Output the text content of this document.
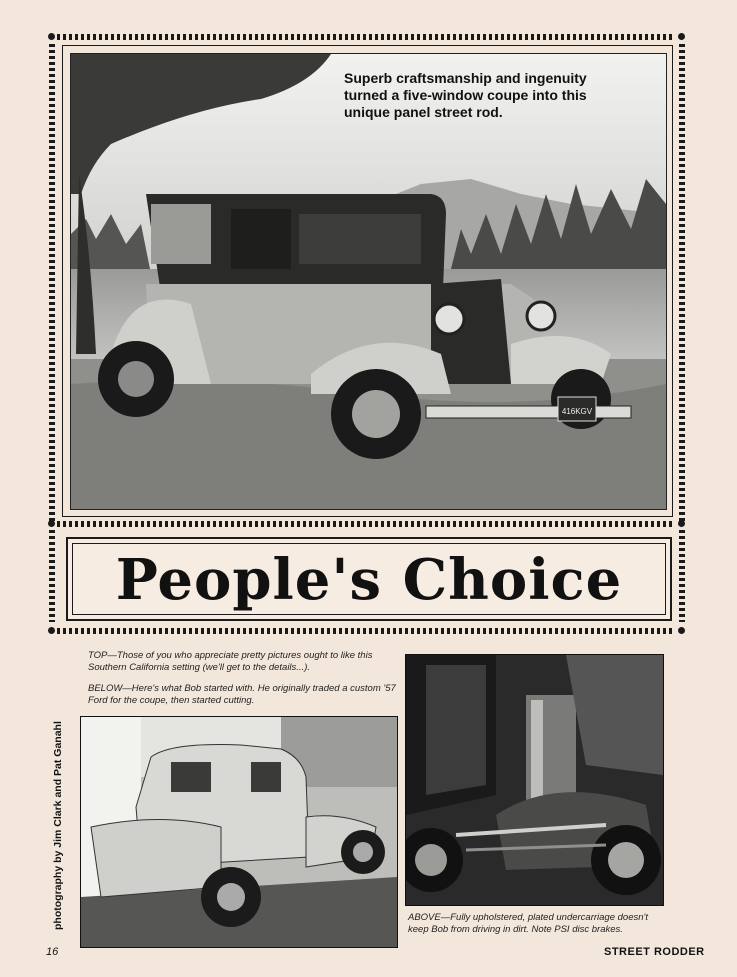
416KGV
Superb craftsmanship and ingenuity turned a five-window coupe into this unique panel street rod.
People's Choice
TOP—Those of you who appreciate pretty pictures ought to like this Southern California setting (we'll get to the details...).
BELOW—Here's what Bob started with. He originally traded a custom '57 Ford for the coupe, then started cutting.
photography by Jim Clark and Pat Ganahl	ABOVE—Fully upholstered, plated undercarriage doesn't keep Bob from driving in dirt. Note PSI disc brakes.
16	STREET RODDER
